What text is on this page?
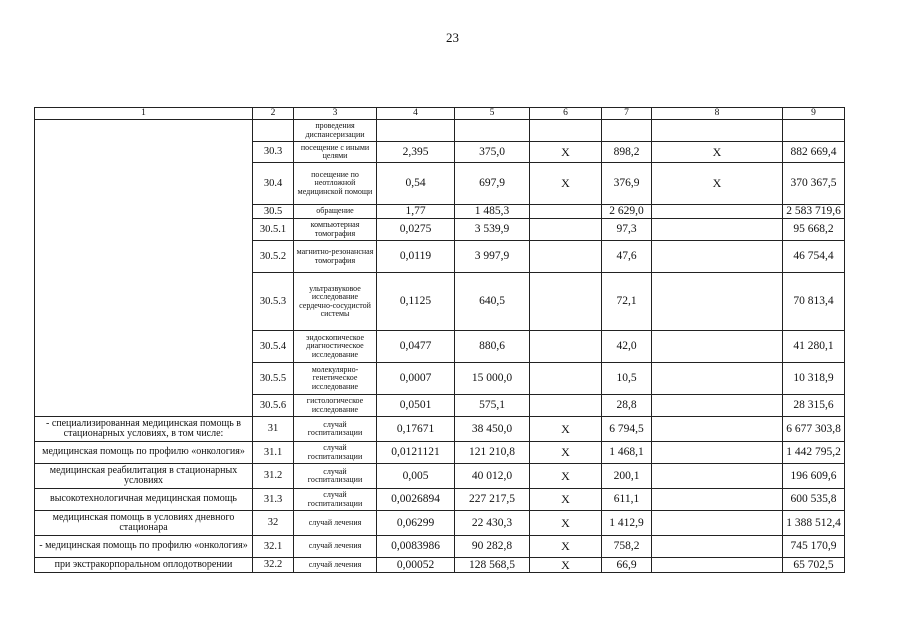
23
1	2	3	4	5	6	7	8	9	
		проведения диспансеризации							
	30.3	посещение с иными целями	2,395	375,0	X	898,2	X	882 669,4	
	30.4	посещение по неотложной медицинской помощи	0,54	697,9	X	376,9	X	370 367,5	
	30.5	обращение	1,77	1 485,3		2 629,0		2 583 719,6	
	30.5.1	компьютерная томография	0,0275	3 539,9		97,3		95 668,2	
	30.5.2	магнитно-резонансная томография	0,0119	3 997,9		47,6		46 754,4	
	30.5.3	ультразвуковое исследование сердечно-сосудистой системы	0,1125	640,5		72,1		70 813,4	
	30.5.4	эндоскопическое диагностическое исследование	0,0477	880,6		42,0		41 280,1	
	30.5.5	молекулярно-генетическое исследование	0,0007	15 000,0		10,5		10 318,9	
	30.5.6	гистологическое исследование	0,0501	575,1		28,8		28 315,6	
- специализированная медицинская помощь в стационарных условиях, в том числе:	31	случай госпитализации	0,17671	38 450,0	X	6 794,5		6 677 303,8	
медицинская помощь по профилю «онкология»	31.1	случай госпитализации	0,0121121	121 210,8	X	1 468,1		1 442 795,2	
медицинская реабилитация в стационарных условиях	31.2	случай госпитализации	0,005	40 012,0	X	200,1		196 609,6	
высокотехнологичная медицинская помощь	31.3	случай госпитализации	0,0026894	227 217,5	X	611,1		600 535,8	
медицинская помощь в условиях дневного стационара	32	случай лечения	0,06299	22 430,3	X	1 412,9		1 388 512,4	
- медицинская помощь по профилю «онкология»	32.1	случай лечения	0,0083986	90 282,8	X	758,2		745 170,9	
при экстракорпоральном оплодотворении	32.2	случай лечения	0,00052	128 568,5	X	66,9		65 702,5	
